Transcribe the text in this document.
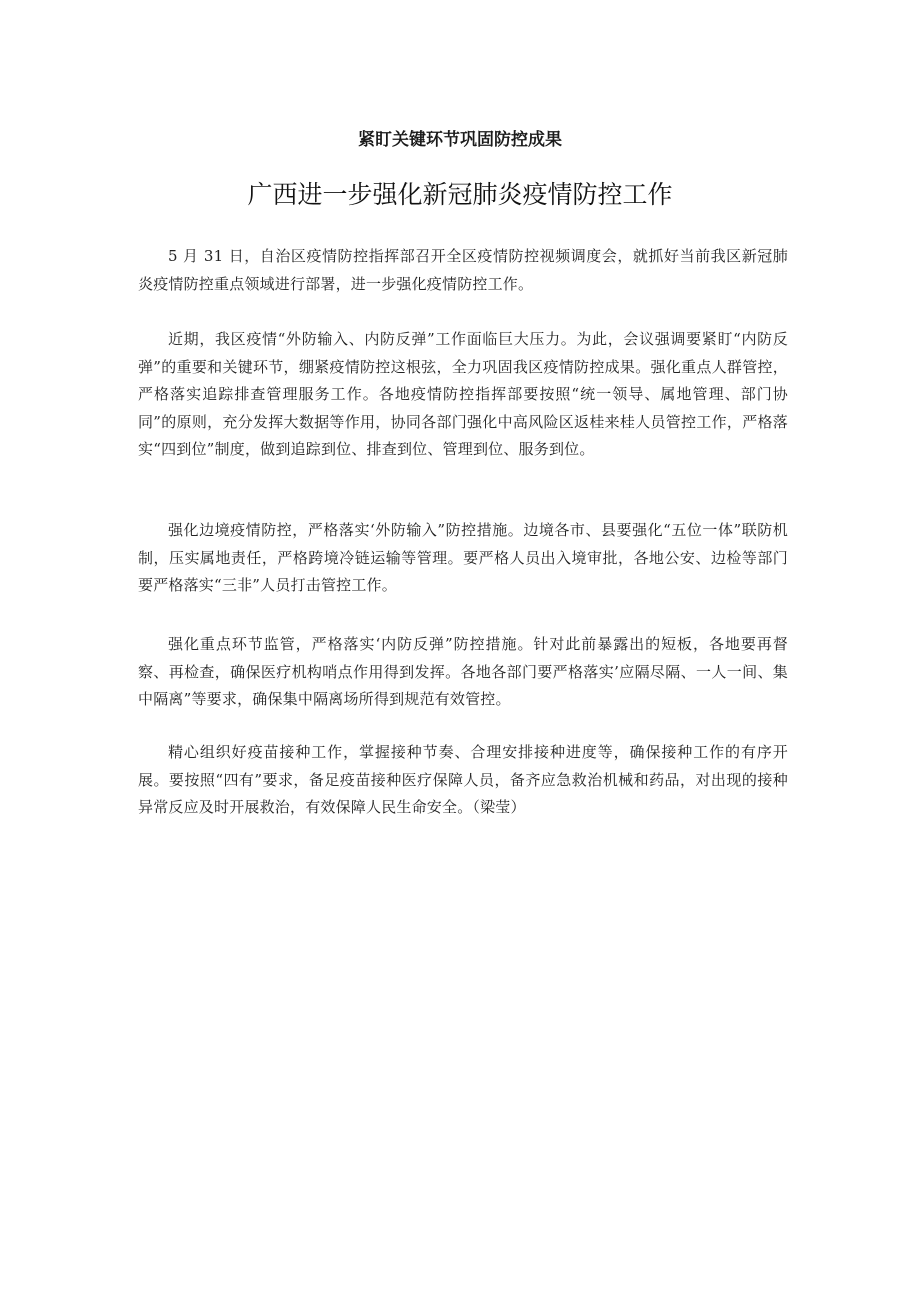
紧盯关键环节巩固防控成果
广西进一步强化新冠肺炎疫情防控工作

5 月 31 日，自治区疫情防控指挥部召开全区疫情防控视频调度会，就抓好当前我区新冠肺炎疫情防控重点领域进行部署，进一步强化疫情防控工作。

近期，我区疫情“外防输入、内防反弹”工作面临巨大压力。为此，会议强调要紧盯“内防反弹”的重要和关键环节，绷紧疫情防控这根弦，全力巩固我区疫情防控成果。强化重点人群管控，严格落实追踪排查管理服务工作。各地疫情防控指挥部要按照“统一领导、属地管理、部门协同”的原则，充分发挥大数据等作用，协同各部门强化中高风险区返桂来桂人员管控工作，严格落实“四到位”制度，做到追踪到位、排查到位、管理到位、服务到位。

强化边境疫情防控，严格落实‘外防输入”防控措施。边境各市、县要强化“五位一体”联防机制，压实属地责任，严格跨境冷链运输等管理。要严格人员出入境审批，各地公安、边检等部门要严格落实“三非”人员打击管控工作。

强化重点环节监管，严格落实‘内防反弹”防控措施。针对此前暴露出的短板，各地要再督察、再检查，确保医疗机构哨点作用得到发挥。各地各部门要严格落实’应隔尽隔、一人一间、集中隔离”等要求，确保集中隔离场所得到规范有效管控。

精心组织好疫苗接种工作，掌握接种节奏、合理安排接种进度等，确保接种工作的有序开展。要按照“四有”要求，备足疫苗接种医疗保障人员，备齐应急救治机械和药品，对出现的接种异常反应及时开展救治，有效保障人民生命安全。（梁莹）
